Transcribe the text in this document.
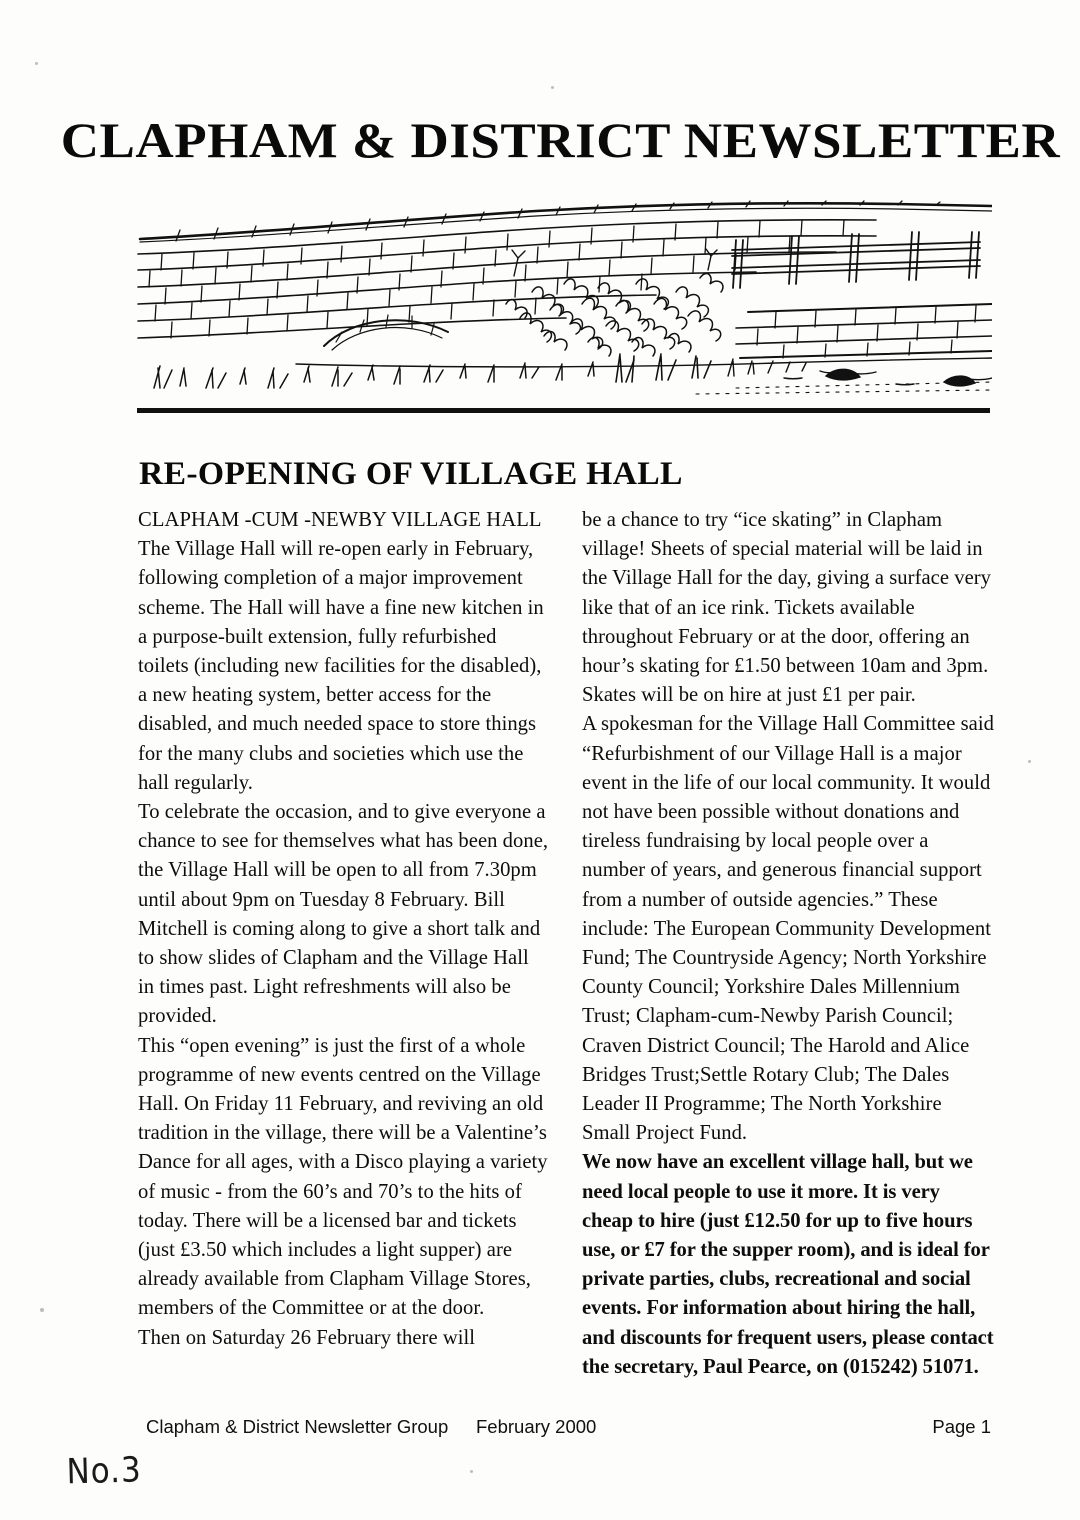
CLAPHAM & DISTRICT NEWSLETTER
RE-OPENING OF VILLAGE HALL

CLAPHAM -CUM -NEWBY VILLAGE HALL

The Village Hall will re-open early in February, following completion of a major improvement scheme. The Hall will have a fine new kitchen in a purpose-built extension, fully refurbished toilets (including new facilities for the disabled), a new heating system, better access for the disabled, and much needed space to store things for the many clubs and societies which use the hall regularly.

To celebrate the occasion, and to give everyone a chance to see for themselves what has been done, the Village Hall will be open to all from 7.30pm until about 9pm on Tuesday 8 February. Bill Mitchell is coming along to give a short talk and to show slides of Clapham and the Village Hall in times past. Light refreshments will also be provided.

This “open evening” is just the first of a whole programme of new events centred on the Village Hall. On Friday 11 February, and reviving an old tradition in the village, there will be a Valentine’s Dance for all ages, with a Disco playing a variety of music - from the 60’s and 70’s to the hits of today. There will be a licensed bar and tickets (just £3.50 which includes a light supper) are already available from Clapham Village Stores, members of the Committee or at the door.

Then on Saturday 26 February there will

be a chance to try “ice skating” in Clapham village! Sheets of special material will be laid in the Village Hall for the day, giving a surface very like that of an ice rink. Tickets available throughout February or at the door, offering an hour’s skating for £1.50 between 10am and 3pm. Skates will be on hire at just £1 per pair.

A spokesman for the Village Hall Committee said “Refurbishment of our Village Hall is a major event in the life of our local community. It would not have been possible without donations and tireless fundraising by local people over a number of years, and generous financial support from a number of outside agencies.” These include: The European Community Development Fund; The Countryside Agency; North Yorkshire County Council; Yorkshire Dales Millennium Trust; Clapham-cum-Newby Parish Council; Craven District Council; The Harold and Alice Bridges Trust;Settle Rotary Club; The Dales Leader II Programme; The North Yorkshire Small Project Fund.

We now have an excellent village hall, but we need local people to use it more. It is very cheap to hire (just £12.50 for up to five hours use, or £7 for the supper room), and is ideal for private parties, clubs, recreational and social events. For information about hiring the hall, and discounts for frequent users, please contact the secretary, Paul Pearce, on (015242) 51071.

Clapham & District Newsletter Group	February 2000	Page 1
No.3
